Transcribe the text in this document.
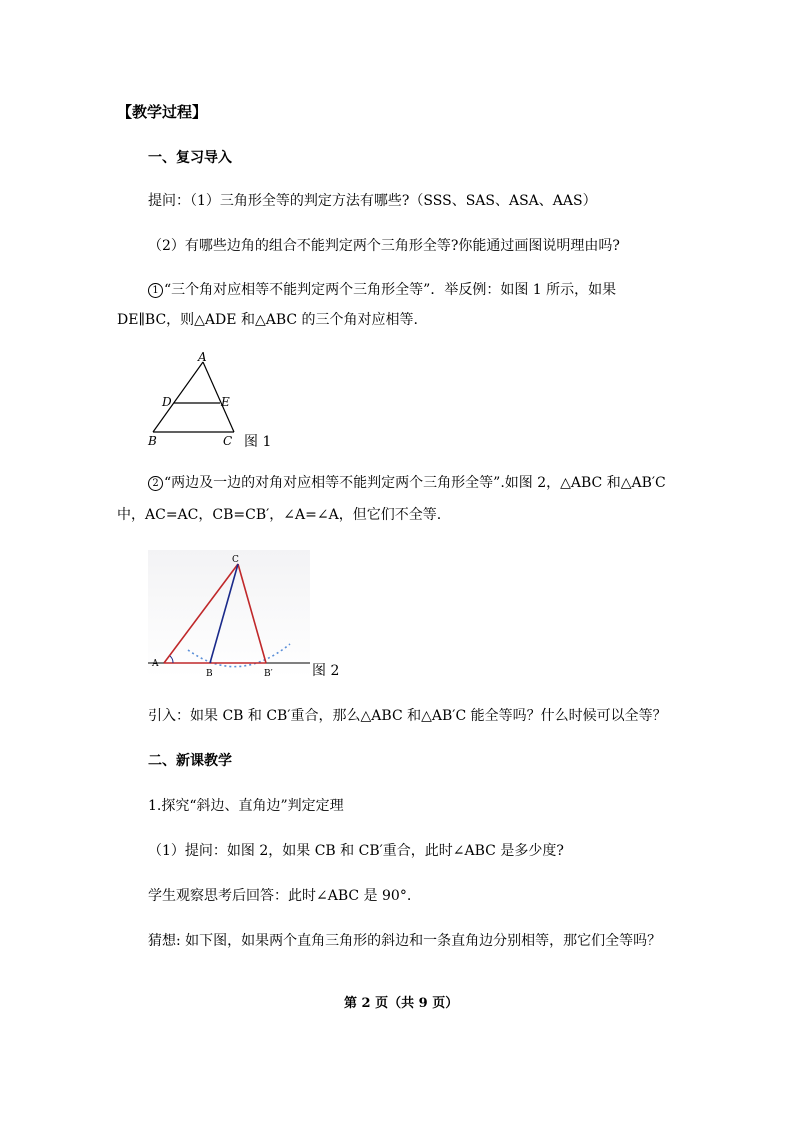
【教学过程】
一、复习导入
提问：（1）三角形全等的判定方法有哪些?（SSS、SAS、ASA、AAS）
（2）有哪些边角的组合不能判定两个三角形全等?你能通过画图说明理由吗?
1 “三个角对应相等不能判定两个三角形全等”．举反例：如图 1 所示，如果
DE∥BC，则△ADE 和△ABC 的三个角对应相等.
A
D	E
B	C 图 1
2 “两边及一边的对角对应相等不能判定两个三角形全等”.如图 2，△ABC 和△AB′C
中，AC=AC，CB=CB′，∠A=∠A，但它们不全等.
C
A
B	B′	图 2
引入：如果 CB 和 CB′重合，那么△ABC 和△AB′C 能全等吗？什么时候可以全等？
二、新课教学
1.探究“斜边、直角边”判定定理
（1）提问：如图 2，如果 CB 和 CB′重合，此时∠ABC 是多少度?
学生观察思考后回答：此时∠ABC 是 90°.
猜想: 如下图，如果两个直角三角形的斜边和一条直角边分别相等，那它们全等吗？
第 2 页（共 9 页）
